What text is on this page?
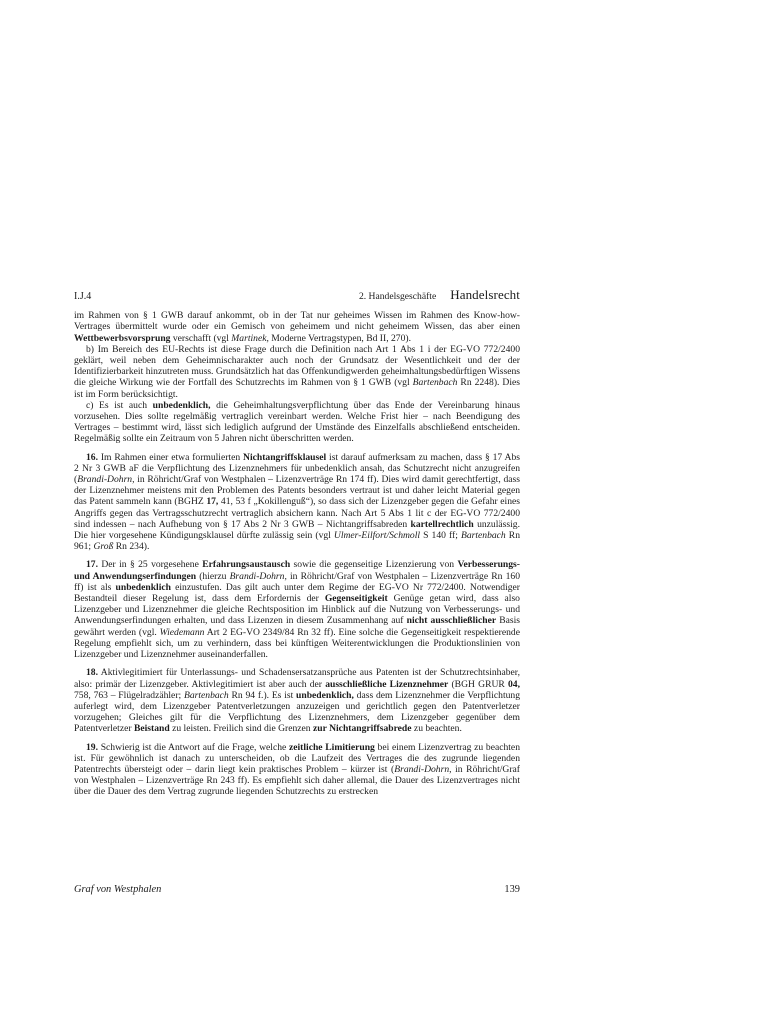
I.J.4	2. Handelsgeschäfte Handelsrecht

im Rahmen von § 1 GWB darauf ankommt, ob in der Tat nur geheimes Wissen im Rahmen des Know-how-Vertrages übermittelt wurde oder ein Gemisch von geheimem und nicht geheimem Wissen, das aber einen Wettbewerbsvorsprung verschafft (vgl Martinek, Moderne Vertragstypen, Bd II, 270).

b) Im Bereich des EU-Rechts ist diese Frage durch die Definition nach Art 1 Abs 1 i der EG-VO 772/2400 geklärt, weil neben dem Geheimnischarakter auch noch der Grundsatz der Wesentlichkeit und der der Identifizierbarkeit hinzutreten muss. Grundsätzlich hat das Offenkundigwerden geheimhaltungsbedürftigen Wissens die gleiche Wirkung wie der Fortfall des Schutzrechts im Rahmen von § 1 GWB (vgl Bartenbach Rn 2248). Dies ist im Form berücksichtigt.

c) Es ist auch unbedenklich, die Geheimhaltungsverpflichtung über das Ende der Vereinbarung hinaus vorzusehen. Dies sollte regelmäßig vertraglich vereinbart werden. Welche Frist hier – nach Beendigung des Vertrages – bestimmt wird, lässt sich lediglich aufgrund der Umstände des Einzelfalls abschließend entscheiden. Regelmäßig sollte ein Zeitraum von 5 Jahren nicht überschritten werden.

16. Im Rahmen einer etwa formulierten Nichtangriffsklausel ist darauf aufmerksam zu machen, dass § 17 Abs 2 Nr 3 GWB aF die Verpflichtung des Lizenznehmers für unbedenklich ansah, das Schutzrecht nicht anzugreifen (Brandi-Dohrn, in Röhricht/Graf von Westphalen – Lizenzverträge Rn 174 ff). Dies wird damit gerechtfertigt, dass der Lizenznehmer meistens mit den Problemen des Patents besonders vertraut ist und daher leicht Material gegen das Patent sammeln kann (BGHZ 17, 41, 53 f „Kokillenguß“), so dass sich der Lizenzgeber gegen die Gefahr eines Angriffs gegen das Vertragsschutzrecht vertraglich absichern kann. Nach Art 5 Abs 1 lit c der EG-VO 772/2400 sind indessen – nach Aufhebung von § 17 Abs 2 Nr 3 GWB – Nichtangriffsabreden kartellrechtlich unzulässig. Die hier vorgesehene Kündigungsklausel dürfte zulässig sein (vgl Ulmer-Eilfort/Schmoll S 140 ff; Bartenbach Rn 961; Groß Rn 234).

17. Der in § 25 vorgesehene Erfahrungsaustausch sowie die gegenseitige Lizenzierung von Verbesserungs- und Anwendungserfindungen (hierzu Brandi-Dohrn, in Röhricht/Graf von Westphalen – Lizenzverträge Rn 160 ff) ist als unbedenklich einzustufen. Das gilt auch unter dem Regime der EG-VO Nr 772/2400. Notwendiger Bestandteil dieser Regelung ist, dass dem Erfordernis der Gegenseitigkeit Genüge getan wird, dass also Lizenzgeber und Lizenznehmer die gleiche Rechtsposition im Hinblick auf die Nutzung von Verbesserungs- und Anwendungserfindungen erhalten, und dass Lizenzen in diesem Zusammenhang auf nicht ausschließlicher Basis gewährt werden (vgl. Wiedemann Art 2 EG-VO 2349/84 Rn 32 ff). Eine solche die Gegenseitigkeit respektierende Regelung empfiehlt sich, um zu verhindern, dass bei künftigen Weiterentwicklungen die Produktionslinien von Lizenzgeber und Lizenznehmer auseinanderfallen.

18. Aktivlegitimiert für Unterlassungs- und Schadensersatzansprüche aus Patenten ist der Schutzrechtsinhaber, also: primär der Lizenzgeber. Aktivlegitimiert ist aber auch der ausschließliche Lizenznehmer (BGH GRUR 04, 758, 763 – Flügelradzähler; Bartenbach Rn 94 f.). Es ist unbedenklich, dass dem Lizenznehmer die Verpflichtung auferlegt wird, dem Lizenzgeber Patentverletzungen anzuzeigen und gerichtlich gegen den Patentverletzer vorzugehen; Gleiches gilt für die Verpflichtung des Lizenznehmers, dem Lizenzgeber gegenüber dem Patentverletzer Beistand zu leisten. Freilich sind die Grenzen zur Nichtangriffsabrede zu beachten.

19. Schwierig ist die Antwort auf die Frage, welche zeitliche Limitierung bei einem Lizenzvertrag zu beachten ist. Für gewöhnlich ist danach zu unterscheiden, ob die Laufzeit des Vertrages die des zugrunde liegenden Patentrechts übersteigt oder – darin liegt kein praktisches Problem – kürzer ist (Brandi-Dohrn, in Röhricht/Graf von Westphalen – Lizenzverträge Rn 243 ff). Es empfiehlt sich daher allemal, die Dauer des Lizenzvertrages nicht über die Dauer des dem Vertrag zugrunde liegenden Schutzrechts zu erstrecken

Graf von Westphalen	139
